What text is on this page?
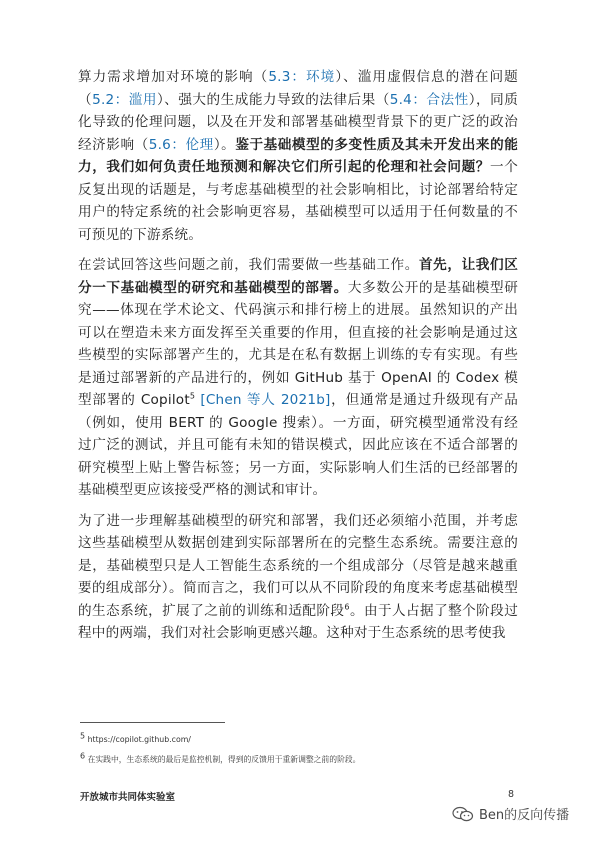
算力需求增加对环境的影响（5.3：环境）、滥用虚假信息的潜在问题（5.2：滥用）、强大的生成能力导致的法律后果（5.4：合法性），同质化导致的伦理问题，以及在开发和部署基础模型背景下的更广泛的政治经济影响（5.6：伦理）。鉴于基础模型的多变性质及其未开发出来的能力，我们如何负责任地预测和解决它们所引起的伦理和社会问题？一个反复出现的话题是，与考虑基础模型的社会影响相比，讨论部署给特定用户的特定系统的社会影响更容易，基础模型可以适用于任何数量的不可预见的下游系统。

在尝试回答这些问题之前，我们需要做一些基础工作。首先，让我们区分一下基础模型的研究和基础模型的部署。大多数公开的是基础模型研究——体现在学术论文、代码演示和排行榜上的进展。虽然知识的产出可以在塑造未来方面发挥至关重要的作用，但直接的社会影响是通过这些模型的实际部署产生的，尤其是在私有数据上训练的专有实现。有些是通过部署新的产品进行的，例如 GitHub 基于 OpenAI 的 Codex 模型部署的 Copilot$^5$ [Chen 等人 2021b]，但通常是通过升级现有产品（例如，使用 BERT 的 Google 搜索）。一方面，研究模型通常没有经过广泛的测试，并且可能有未知的错误模式，因此应该在不适合部署的研究模型上贴上警告标签；另一方面，实际影响人们生活的已经部署的基础模型更应该接受严格的测试和审计。

为了进一步理解基础模型的研究和部署，我们还必须缩小范围，并考虑这些基础模型从数据创建到实际部署所在的完整生态系统。需要注意的是，基础模型只是人工智能生态系统的一个组成部分（尽管是越来越重要的组成部分）。简而言之，我们可以从不同阶段的角度来考虑基础模型的生态系统，扩展了之前的训练和适配阶段$^6$。由于人占据了整个阶段过程中的两端，我们对社会影响更感兴趣。这种对于生态系统的思考使我

$^5$ https://copilot.github.com/
$^6$ 在实践中，生态系统的最后是监控机制，得到的反馈用于重新调整之前的阶段。
开放城市共同体实验室	8
Ben的反向传播
